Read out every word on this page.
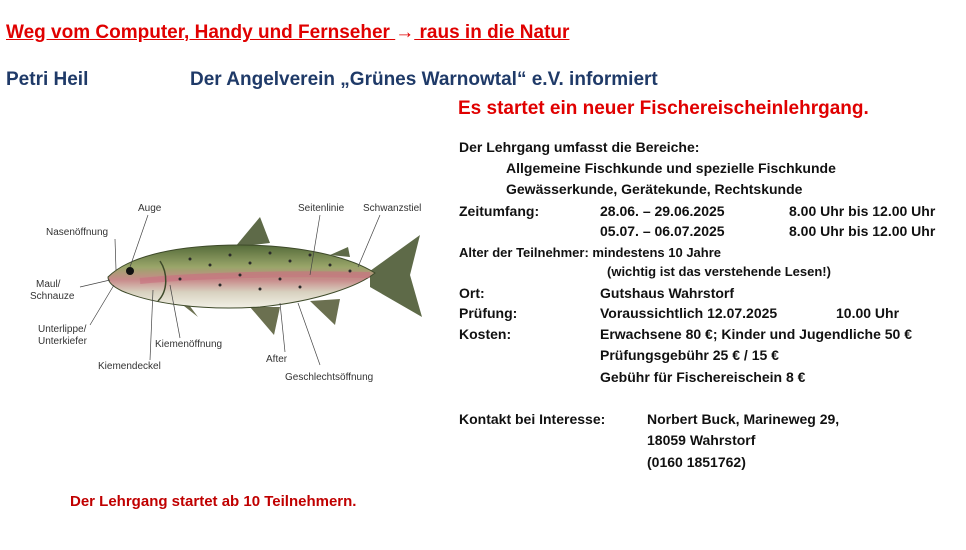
Weg vom Computer, Handy und Fernseher → raus in die Natur
Petri Heil	Der Angelverein „Grünes Warnowtal“ e.V. informiert
Es startet ein neuer Fischereischeinlehrgang.
Der Lehrgang umfasst die Bereiche:
Allgemeine Fischkunde und spezielle Fischkunde
Gewässerkunde, Gerätekunde, Rechtskunde
Zeitumfang:	28.06. – 29.06.2025	8.00 Uhr bis 12.00 Uhr
05.07. – 06.07.2025	8.00 Uhr bis 12.00 Uhr
Alter der Teilnehmer: mindestens 10 Jahre
(wichtig ist das verstehende Lesen!)
Ort:	Gutshaus Wahrstorf
Prüfung:	Voraussichtlich 12.07.2025	10.00 Uhr
Kosten:	Erwachsene 80 €; Kinder und Jugendliche 50 €
Prüfungsgebühr 25 € / 15 €
Gebühr für Fischereischein 8 €
Kontakt bei Interesse:	Norbert Buck, Marineweg 29,
18059 Wahrstorf
(0160 1851762)
Der Lehrgang startet ab 10 Teilnehmern.
Auge	Seitenlinie Schwanzstiel
Nasenöffnung
Maul/
Schnauze
Unterlippe/
Unterkiefer	Kiemenöffnung
Kiemendeckel
After
Geschlechtsöffnung
